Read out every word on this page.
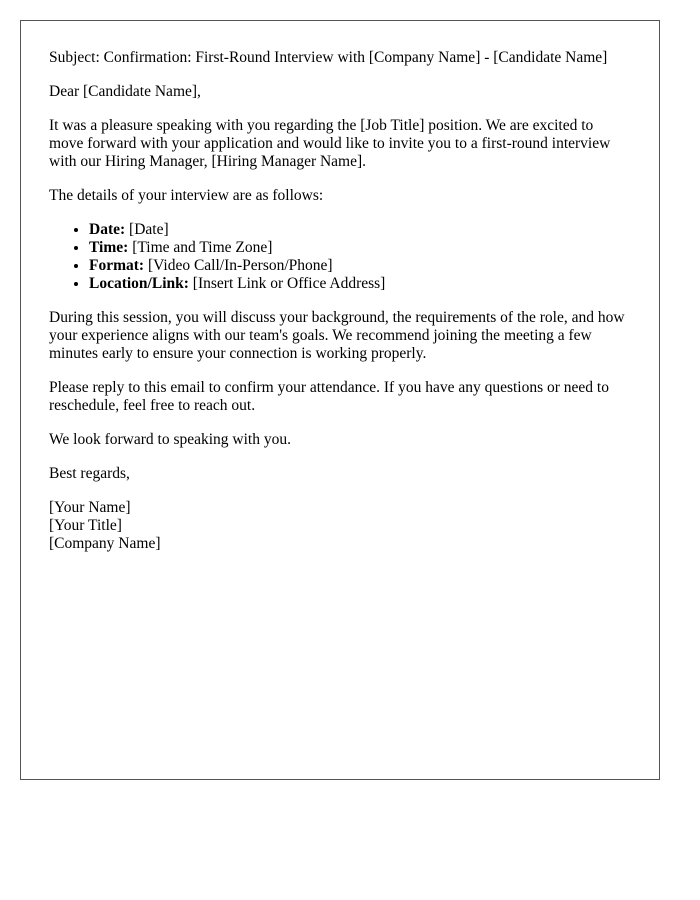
Subject: Confirmation: First-Round Interview with [Company Name] - [Candidate Name]

Dear [Candidate Name],

It was a pleasure speaking with you regarding the [Job Title] position. We are excited to move forward with your application and would like to invite you to a first-round interview with our Hiring Manager, [Hiring Manager Name].

The details of your interview are as follows:

• Date: [Date]
• Time: [Time and Time Zone]
• Format: [Video Call/In-Person/Phone]
• Location/Link: [Insert Link or Office Address]

During this session, you will discuss your background, the requirements of the role, and how your experience aligns with our team's goals. We recommend joining the meeting a few minutes early to ensure your connection is working properly.

Please reply to this email to confirm your attendance. If you have any questions or need to reschedule, feel free to reach out.

We look forward to speaking with you.

Best regards,

[Your Name]
[Your Title]
[Company Name]
